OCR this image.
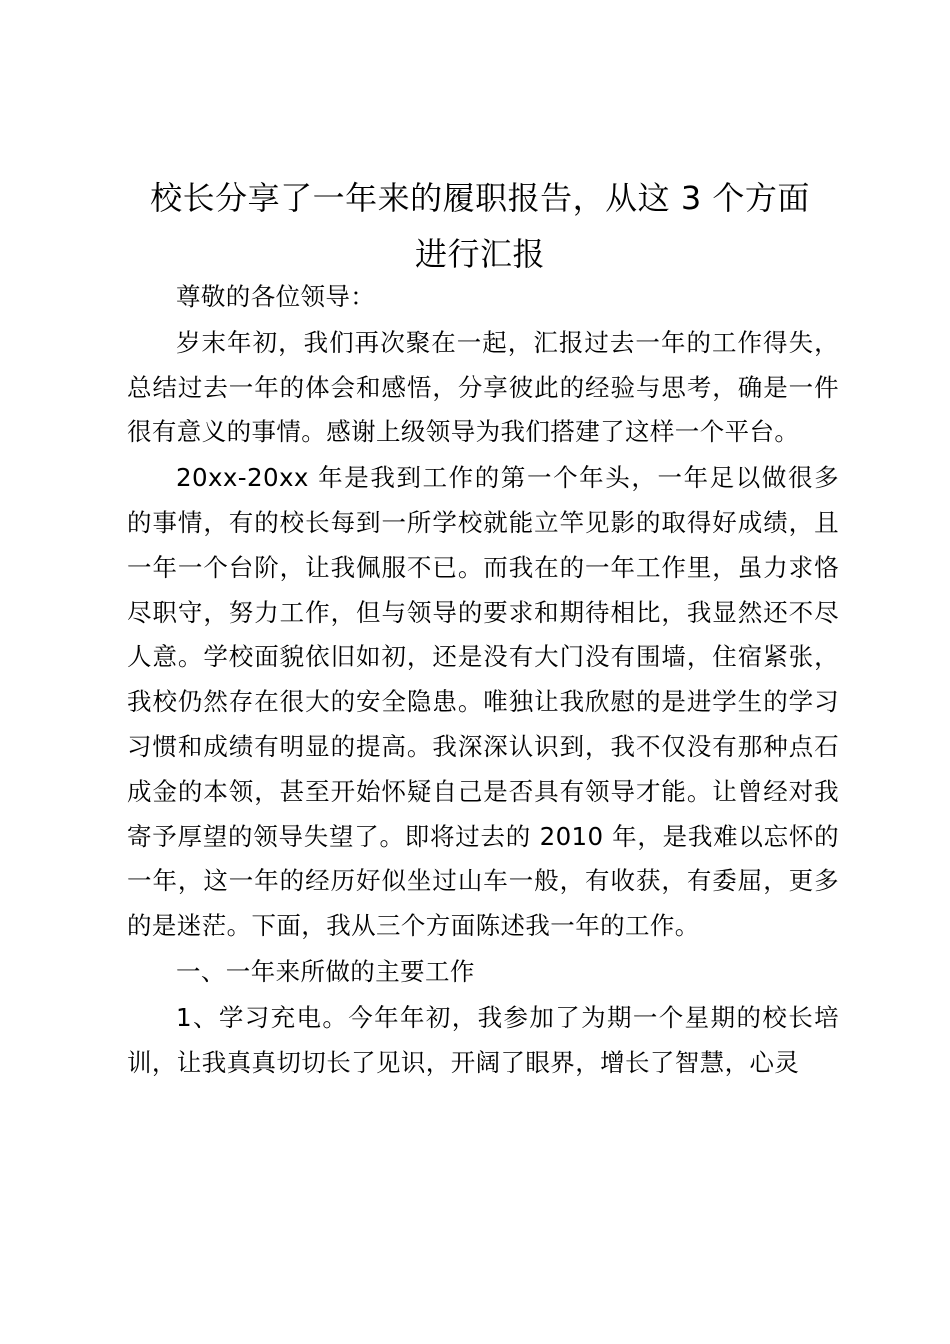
校长分享了一年来的履职报告，从这 3 个方面
进行汇报

尊敬的各位领导：

岁末年初，我们再次聚在一起，汇报过去一年的工作得失，总结过去一年的体会和感悟，分享彼此的经验与思考，确是一件很有意义的事情。感谢上级领导为我们搭建了这样一个平台。

20xx-20xx 年是我到工作的第一个年头，一年足以做很多的事情，有的校长每到一所学校就能立竿见影的取得好成绩，且一年一个台阶，让我佩服不已。而我在的一年工作里，虽力求恪尽职守，努力工作，但与领导的要求和期待相比，我显然还不尽人意。学校面貌依旧如初，还是没有大门没有围墙，住宿紧张，我校仍然存在很大的安全隐患。唯独让我欣慰的是进学生的学习习惯和成绩有明显的提高。我深深认识到，我不仅没有那种点石成金的本领，甚至开始怀疑自己是否具有领导才能。让曾经对我寄予厚望的领导失望了。即将过去的 2010 年，是我难以忘怀的一年，这一年的经历好似坐过山车一般，有收获，有委屈，更多的是迷茫。下面，我从三个方面陈述我一年的工作。

一、一年来所做的主要工作

1、学习充电。今年年初，我参加了为期一个星期的校长培训，让我真真切切长了见识，开阔了眼界，增长了智慧，心灵
